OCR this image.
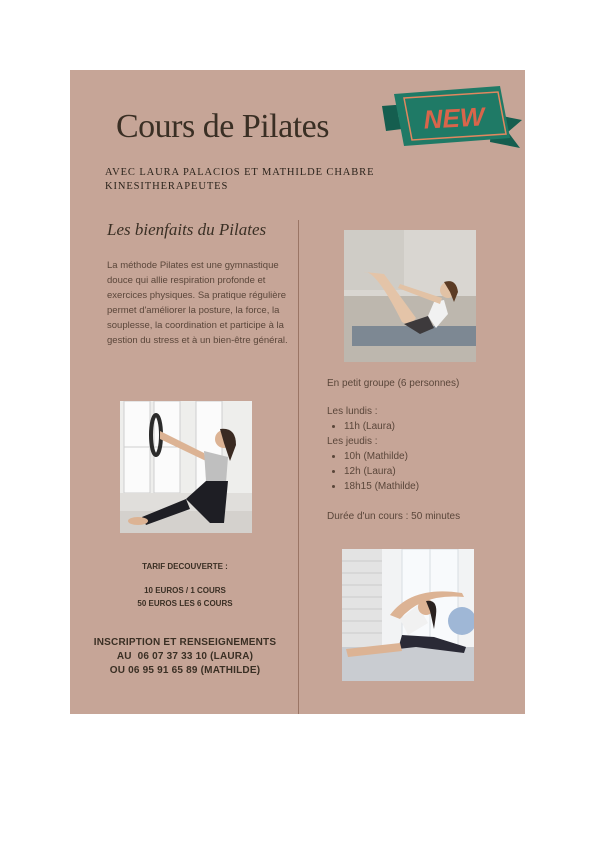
Cours de Pilates
AVEC LAURA PALACIOS ET MATHILDE CHABRE
KINESITHERAPEUTES
NEW
Les bienfaits du Pilates
La méthode Pilates est une gymnastique douce qui allie respiration profonde et exercices physiques. Sa pratique régulière permet d'améliorer la posture, la force, la souplesse, la coordination et participe à la gestion du stress et à un bien-être général.

En petit groupe (6 personnes)

Les lundis :

• 11h (Laura)

Les jeudis :

• 10h (Mathilde)
• 12h (Laura)
• 18h15 (Mathilde)

Durée d'un cours : 50 minutes

TARIF DECOUVERTE :

10 EUROS / 1 COURS

50 EUROS LES 6 COURS

INSCRIPTION ET RENSEIGNEMENTS

AU  06 07 37 33 10 (LAURA)

OU 06 95 91 65 89 (MATHILDE)
